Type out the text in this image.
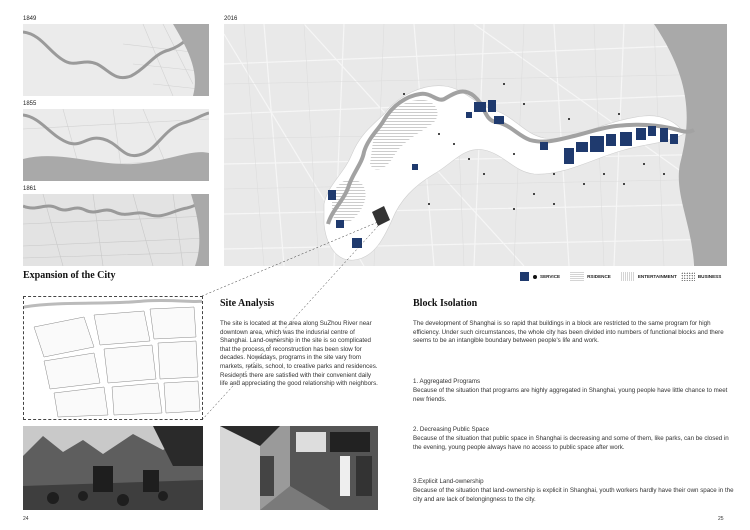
1849
1855
1861
2016
SERVICE	RSIDENCE	ENTERTAINMENT	BUSINESS
Expansion of the City
Site Analysis

The site is located at the area along SuZhou River near downtown area, which was the indusrial centre of Shanghai. Land-ownership in the site is so complicated that the process of reconstruction has been slow for decades. Nowadays, programs in the site vary from markets, retails, school, to creative parks and residences. Residents there are satisfied with their convenient daily life and appreciating the good relationship with neighbors.

Block Isolation

The development of Shanghai is so rapid that buildings in a block are restricted to the same program for high efficiency. Under such circumstances, the whole city has been divided into numbers of functional blocks and there seems to be an intangible boundary between people's life and work.

1. Aggregated Programs

Because of the situation that programs are highly aggregated in Shanghai, young people have little chance to meet new friends.

2. Decreasing Public Space

Because of the situation that public space in Shanghai is decreasing and some of them, like parks, can be closed in the evening, young people always have no access to public space after work.

3.Explicit Land-ownership

Because of the situation that land-ownership is explicit in Shanghai, youth workers hardly have their own space in the city and are lack of belongingness to the city.

24	25
